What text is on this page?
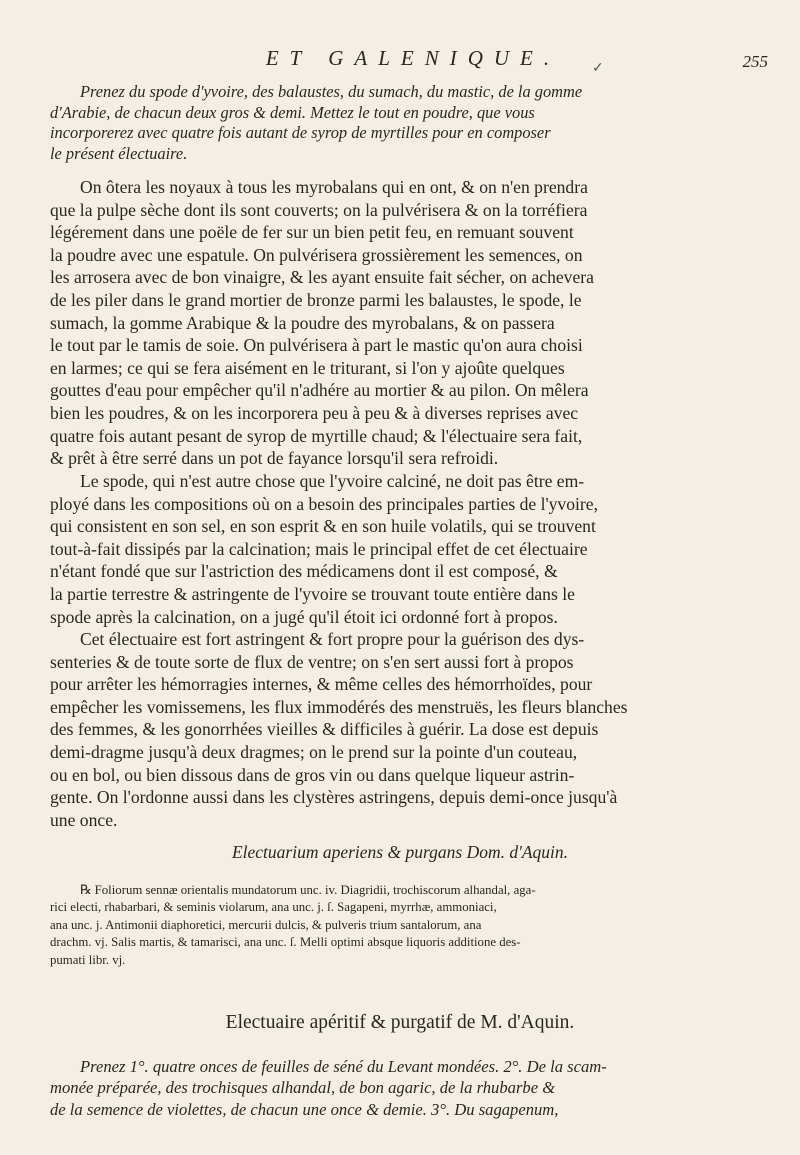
✓
ET GALENIQUE.	255

Prenez du spode d'yvoire, des balaustes, du sumach, du mastic, de la gomme
d'Arabie, de chacun deux gros & demi. Mettez le tout en poudre, que vous
incorporerez avec quatre fois autant de syrop de myrtilles pour en composer
le présent électuaire.

On ôtera les noyaux à tous les myrobalans qui en ont, & on n'en prendra
que la pulpe sèche dont ils sont couverts; on la pulvérisera & on la torréfiera
légérement dans une poële de fer sur un bien petit feu, en remuant souvent
la poudre avec une espatule. On pulvérisera grossièrement les semences, on
les arrosera avec de bon vinaigre, & les ayant ensuite fait sécher, on achevera
de les piler dans le grand mortier de bronze parmi les balaustes, le spode, le
sumach, la gomme Arabique & la poudre des myrobalans, & on passera
le tout par le tamis de soie. On pulvérisera à part le mastic qu'on aura choisi
en larmes; ce qui se fera aisément en le triturant, si l'on y ajoûte quelques
gouttes d'eau pour empêcher qu'il n'adhére au mortier & au pilon. On mêlera
bien les poudres, & on les incorporera peu à peu & à diverses reprises avec
quatre fois autant pesant de syrop de myrtille chaud; & l'électuaire sera fait,
& prêt à être serré dans un pot de fayance lorsqu'il sera refroidi.

Le spode, qui n'est autre chose que l'yvoire calciné, ne doit pas être em-
ployé dans les compositions où on a besoin des principales parties de l'yvoire,
qui consistent en son sel, en son esprit & en son huile volatils, qui se trouvent
tout-à-fait dissipés par la calcination; mais le principal effet de cet électuaire
n'étant fondé que sur l'astriction des médicamens dont il est composé, &
la partie terrestre & astringente de l'yvoire se trouvant toute entière dans le
spode après la calcination, on a jugé qu'il étoit ici ordonné fort à propos.

Cet électuaire est fort astringent & fort propre pour la guérison des dys-
senteries & de toute sorte de flux de ventre; on s'en sert aussi fort à propos
pour arrêter les hémorragies internes, & même celles des hémorrhoïdes, pour
empêcher les vomissemens, les flux immodérés des menstruës, les fleurs blanches
des femmes, & les gonorrhées vieilles & difficiles à guérir. La dose est depuis
demi-dragme jusqu'à deux dragmes; on le prend sur la pointe d'un couteau,
ou en bol, ou bien dissous dans de gros vin ou dans quelque liqueur astrin-
gente. On l'ordonne aussi dans les clystères astringens, depuis demi-once jusqu'à
une once.

Electuarium aperiens & purgans Dom. d'Aquin.

℞ Foliorum sennæ orientalis mundatorum unc. iv. Diagridii, trochiscorum alhandal, aga-
rici electi, rhabarbari, & seminis violarum, ana unc. j. ſ. Sagapeni, myrrhæ, ammoniaci,
ana unc. j. Antimonii diaphoretici, mercurii dulcis, & pulveris trium santalorum, ana
drachm. vj. Salis martis, & tamarisci, ana unc. ſ. Melli optimi absque liquoris additione des-
pumati libr. vj.

Electuaire apéritif & purgatif de M. d'Aquin.

Prenez 1°. quatre onces de feuilles de séné du Levant mondées. 2°. De la scam-
monée préparée, des trochisques alhandal, de bon agaric, de la rhubarbe &
de la semence de violettes, de chacun une once & demie. 3°. Du sagapenum,
